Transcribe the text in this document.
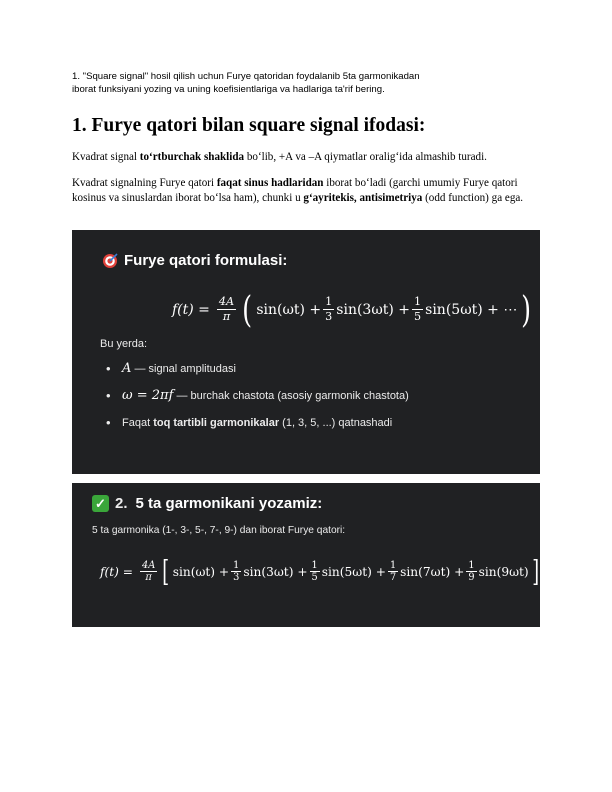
1. "Square signal" hosil qilish uchun Furye qatoridan foydalanib 5ta garmonikadan
iborat funksiyani yozing va uning koefisientlariga va hadlariga ta'rif bering.
1. Furye qatori bilan square signal ifodasi:

Kvadrat signal to‘rtburchak shaklida bo‘lib, +A va –A qiymatlar oralig‘ida almashib turadi.

Kvadrat signalning Furye qatori faqat sinus hadlaridan iborat bo‘ladi (garchi umumiy Furye qatori kosinus va sinuslardan iborat bo‘lsa ham), chunki u g‘ayritekis, antisimetriya (odd function) ga ega.

Furye qatori formulasi:
$f(t) = \frac{4A}{\pi}$ ( $\sin(\omega t) + \frac{1}{3} \sin(3\omega t) + \frac{1}{5} \sin(5\omega t)$ + ⋯ )
Bu yerda:
• A — signal amplitudasi
• ω = 2πf — burchak chastota (asosiy garmonik chastota)
• Faqat toq tartibli garmonikalar (1, 3, 5, ...) qatnashadi
✓ 2. 5 ta garmonikani yozamiz:
5 ta garmonika (1-, 3-, 5-, 7-, 9-) dan iborat Furye qatori:
$f(t) = \frac{4A}{\pi}$ [ $\sin(\omega t) + \frac{1}{3} \sin(3\omega t) + \frac{1}{5} \sin(5\omega t) + \frac{1}{7} \sin(7\omega t) + \frac{1}{9} \sin(9\omega t)$ ]
